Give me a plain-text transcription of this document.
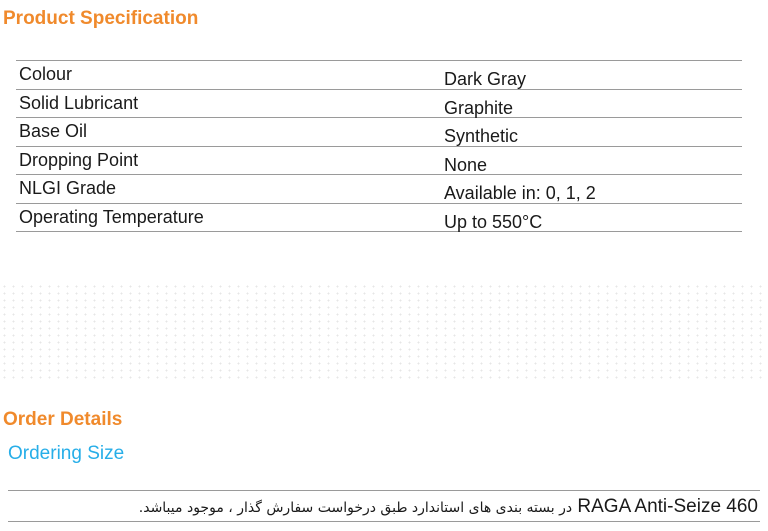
Product Specification
Colour	Dark Gray
Solid Lubricant	Graphite
Base Oil	Synthetic
Dropping Point	None
NLGI Grade	Available in: 0, 1, 2
Operating Temperature	Up to 550°C
Order Details

Ordering Size

در بسته بندی های استاندارد طبق درخواست سفارش گذار ، موجود میباشد. RAGA Anti-Seize 460
